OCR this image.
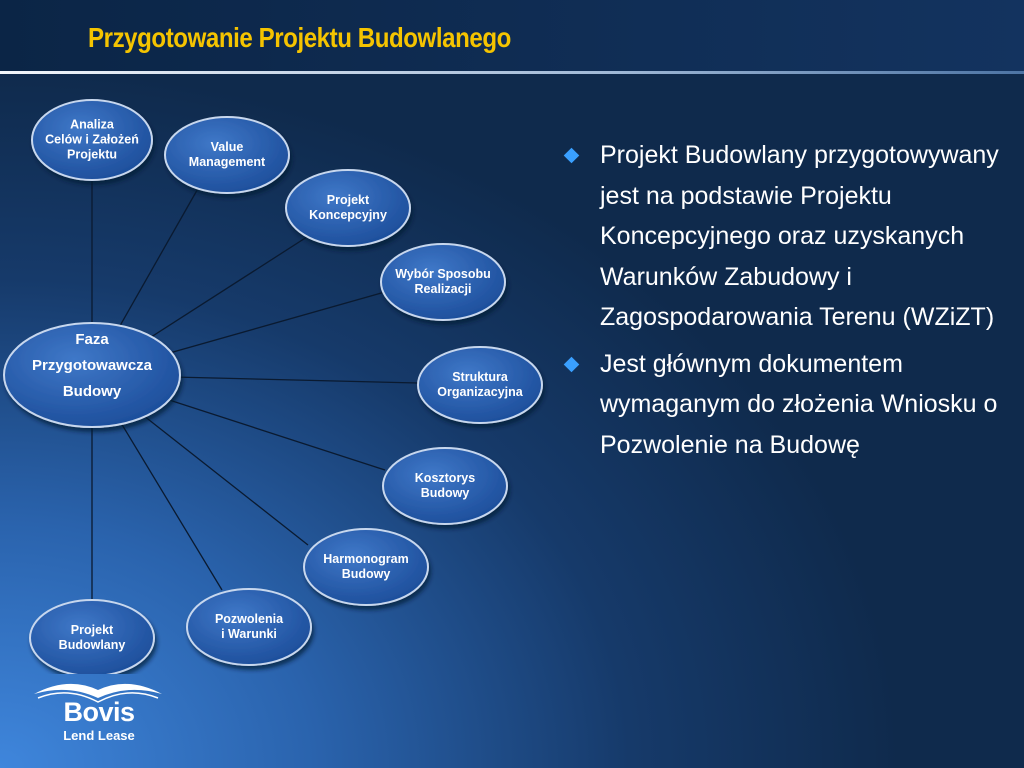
Przygotowanie Projektu Budowlanego
Analiza
Celów i Założeń
Projektu
Value
Management
Projekt
Koncepcyjny
Wybór Sposobu
Realizacji
Struktura
Organizacyjna
Kosztorys
Budowy
Harmonogram
Budowy
Pozwolenia
i Warunki
Projekt
Budowlany
Faza
Przygotowawcza
Budowy
Projekt Budowlany przygotowywany jest na podstawie Projektu Koncepcyjnego oraz uzyskanych Warunków Zabudowy i Zagospodarowania Terenu (WZiZT)
Jest głównym dokumentem wymaganym do złożenia Wniosku o Pozwolenie na Budowę
Bovis
Lend Lease
